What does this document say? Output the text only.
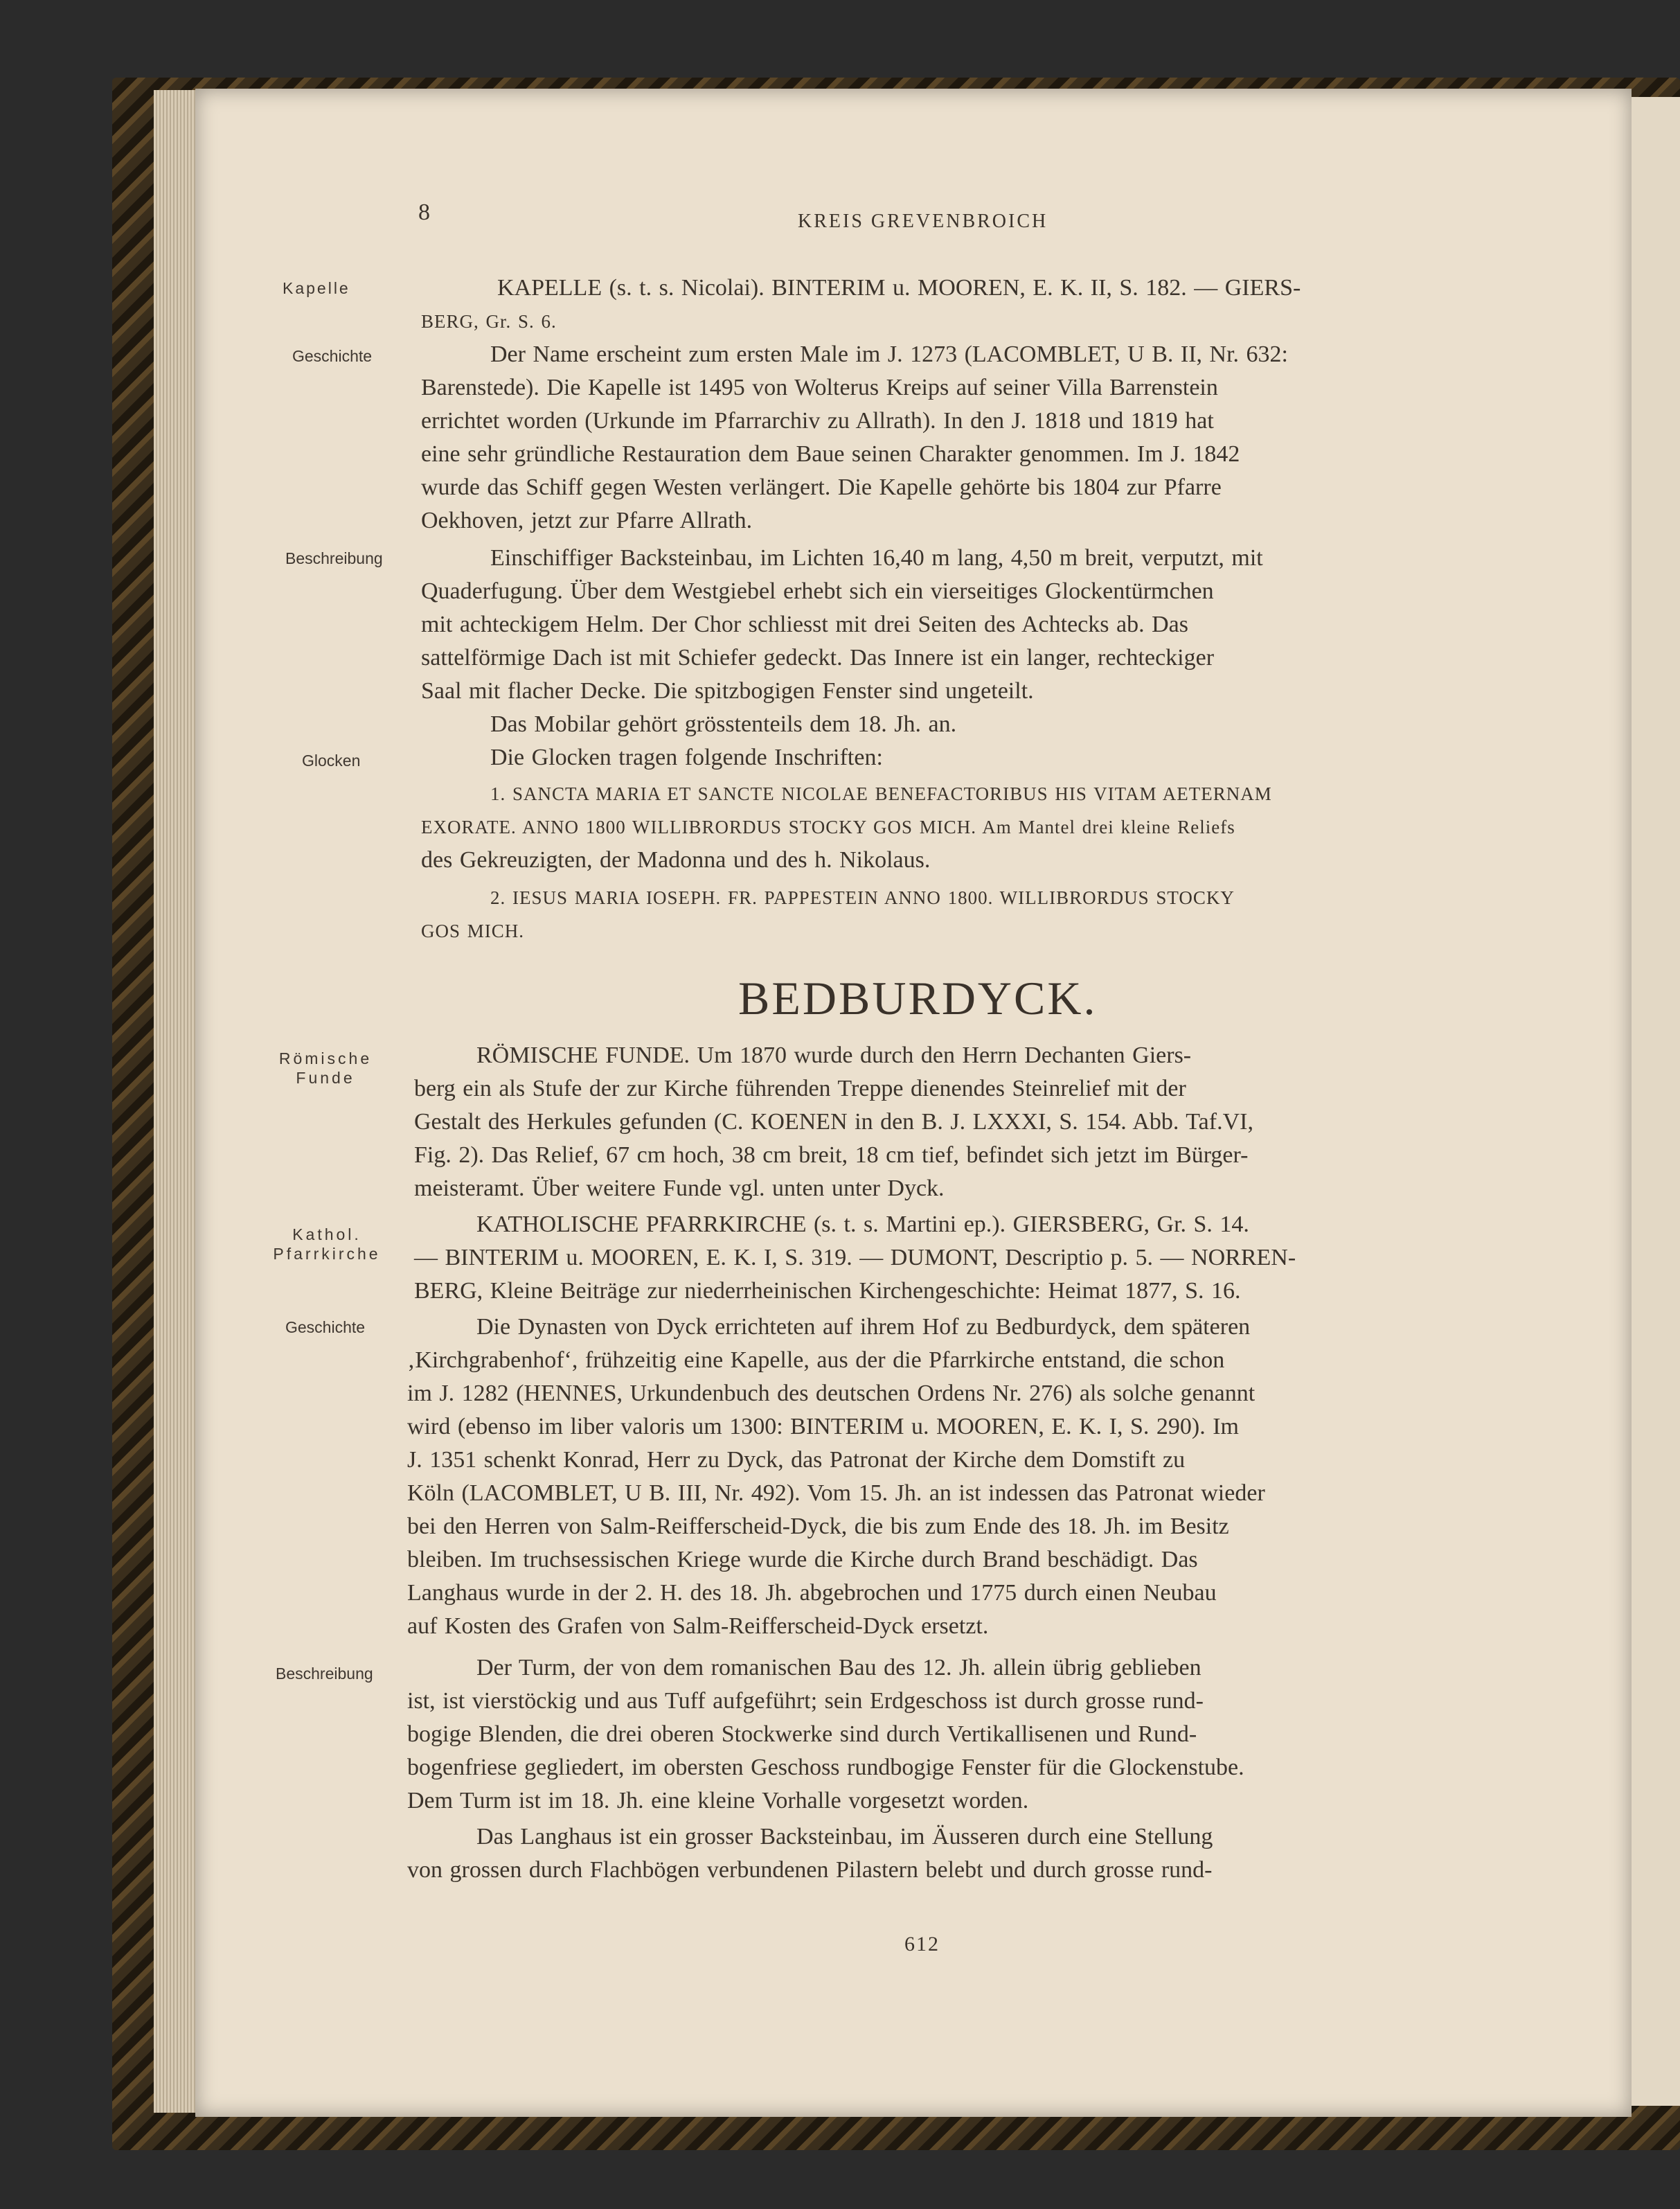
8	KREIS GREVENBROICH
Kapelle
Geschichte
Beschreibung
Glocken
Römische Funde
Kathol. Pfarrkirche
Geschichte
Beschreibung
KAPELLE (s. t. s. Nicolai). BINTERIM u. MOOREN, E. K. II, S. 182. — GIERS-
BERG, Gr. S. 6.
Der Name erscheint zum ersten Male im J. 1273 (LACOMBLET, U B. II, Nr. 632:
Barenstede). Die Kapelle ist 1495 von Wolterus Kreips auf seiner Villa Barrenstein
errichtet worden (Urkunde im Pfarrarchiv zu Allrath). In den J. 1818 und 1819 hat
eine sehr gründliche Restauration dem Baue seinen Charakter genommen. Im J. 1842
wurde das Schiff gegen Westen verlängert. Die Kapelle gehörte bis 1804 zur Pfarre
Oekhoven, jetzt zur Pfarre Allrath.
Einschiffiger Backsteinbau, im Lichten 16,40 m lang, 4,50 m breit, verputzt, mit
Quaderfugung. Über dem Westgiebel erhebt sich ein vierseitiges Glockentürmchen
mit achteckigem Helm. Der Chor schliesst mit drei Seiten des Achtecks ab. Das
sattelförmige Dach ist mit Schiefer gedeckt. Das Innere ist ein langer, rechteckiger
Saal mit flacher Decke. Die spitzbogigen Fenster sind ungeteilt.
Das Mobilar gehört grösstenteils dem 18. Jh. an.
Die Glocken tragen folgende Inschriften:
1. SANCTA MARIA ET SANCTE NICOLAE BENEFACTORIBUS HIS VITAM AETERNAM
EXORATE. ANNO 1800 WILLIBRORDUS STOCKY GOS MICH. Am Mantel drei kleine Reliefs
des Gekreuzigten, der Madonna und des h. Nikolaus.
2. IESUS MARIA IOSEPH. FR. PAPPESTEIN ANNO 1800. WILLIBRORDUS STOCKY
GOS MICH.
BEDBURDYCK.
RÖMISCHE FUNDE. Um 1870 wurde durch den Herrn Dechanten Giers-
berg ein als Stufe der zur Kirche führenden Treppe dienendes Steinrelief mit der
Gestalt des Herkules gefunden (C. KOENEN in den B. J. LXXXI, S. 154. Abb. Taf.VI,
Fig. 2). Das Relief, 67 cm hoch, 38 cm breit, 18 cm tief, befindet sich jetzt im Bürger-
meisteramt. Über weitere Funde vgl. unten unter Dyck.
KATHOLISCHE PFARRKIRCHE (s. t. s. Martini ep.). GIERSBERG, Gr. S. 14.
— BINTERIM u. MOOREN, E. K. I, S. 319. — DUMONT, Descriptio p. 5. — NORREN-
BERG, Kleine Beiträge zur niederrheinischen Kirchengeschichte: Heimat 1877, S. 16.
Die Dynasten von Dyck errichteten auf ihrem Hof zu Bedburdyck, dem späteren
‚Kirchgrabenhof‘, frühzeitig eine Kapelle, aus der die Pfarrkirche entstand, die schon
im J. 1282 (HENNES, Urkundenbuch des deutschen Ordens Nr. 276) als solche genannt
wird (ebenso im liber valoris um 1300: BINTERIM u. MOOREN, E. K. I, S. 290). Im
J. 1351 schenkt Konrad, Herr zu Dyck, das Patronat der Kirche dem Domstift zu
Köln (LACOMBLET, U B. III, Nr. 492). Vom 15. Jh. an ist indessen das Patronat wieder
bei den Herren von Salm-Reifferscheid-Dyck, die bis zum Ende des 18. Jh. im Besitz
bleiben. Im truchsessischen Kriege wurde die Kirche durch Brand beschädigt. Das
Langhaus wurde in der 2. H. des 18. Jh. abgebrochen und 1775 durch einen Neubau
auf Kosten des Grafen von Salm-Reifferscheid-Dyck ersetzt.
Der Turm, der von dem romanischen Bau des 12. Jh. allein übrig geblieben
ist, ist vierstöckig und aus Tuff aufgeführt; sein Erdgeschoss ist durch grosse rund-
bogige Blenden, die drei oberen Stockwerke sind durch Vertikallisenen und Rund-
bogenfriese gegliedert, im obersten Geschoss rundbogige Fenster für die Glockenstube.
Dem Turm ist im 18. Jh. eine kleine Vorhalle vorgesetzt worden.
Das Langhaus ist ein grosser Backsteinbau, im Äusseren durch eine Stellung
von grossen durch Flachbögen verbundenen Pilastern belebt und durch grosse rund-
612
